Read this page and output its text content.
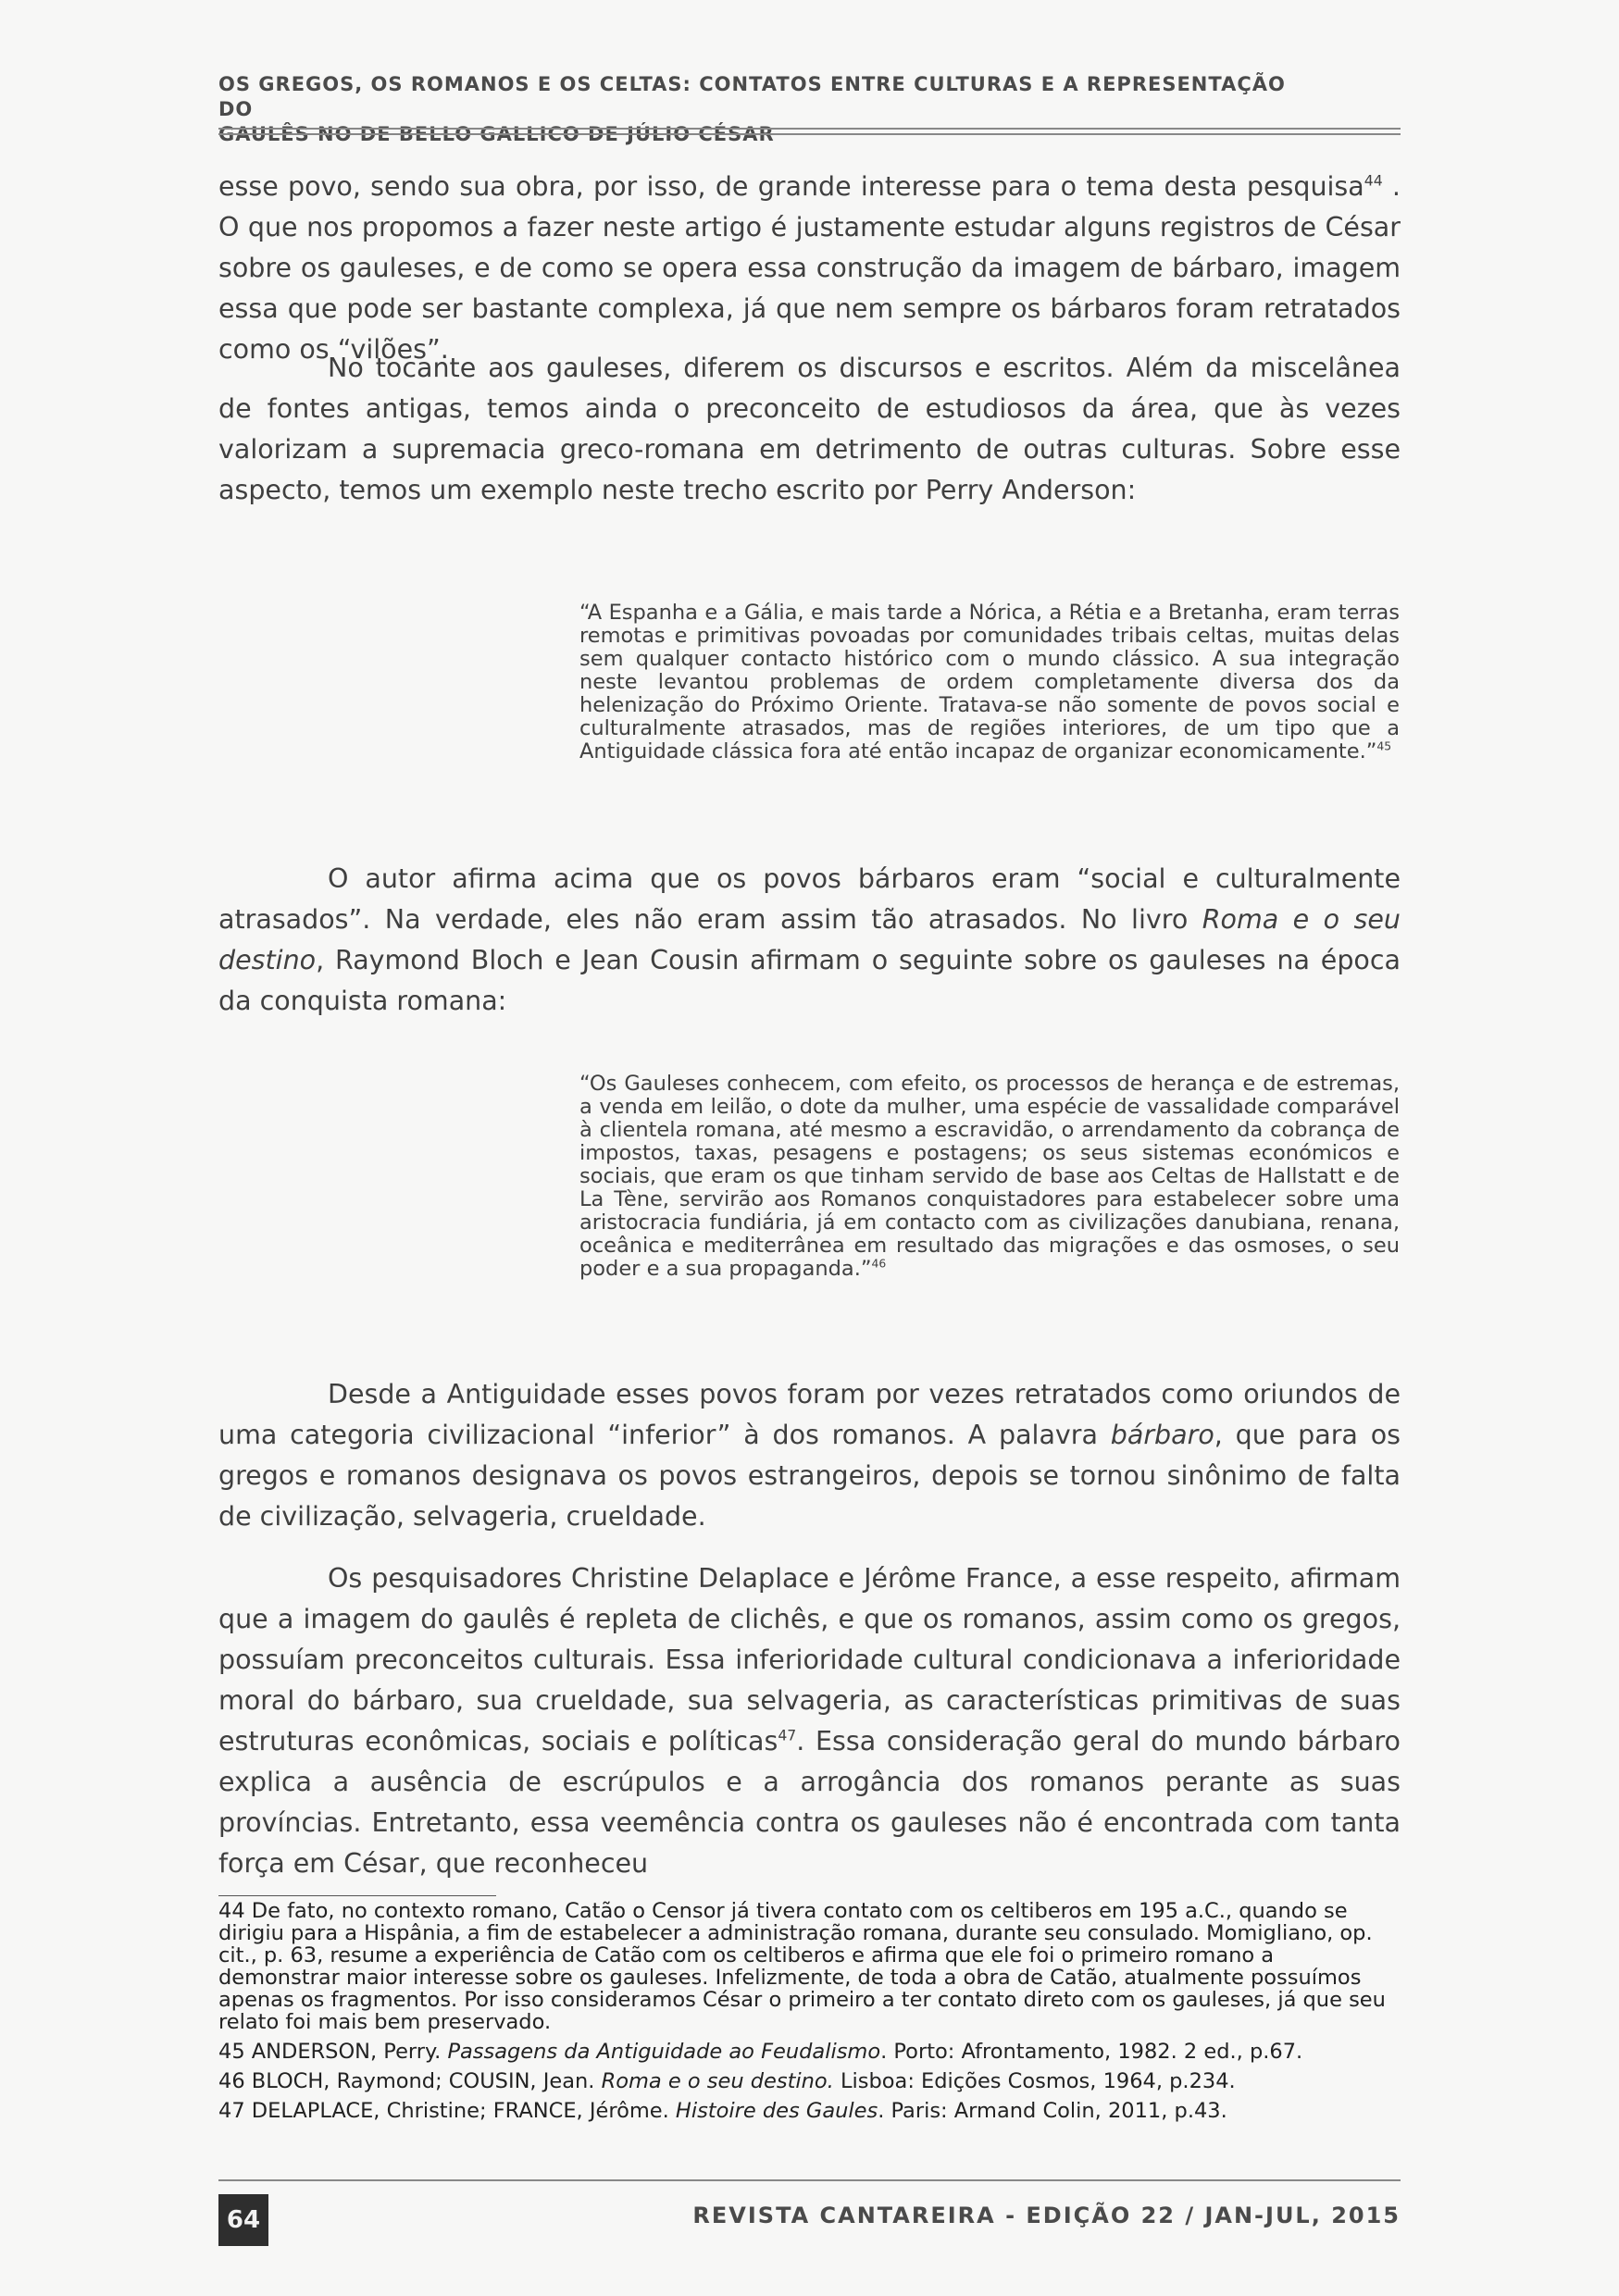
OS GREGOS, OS ROMANOS E OS CELTAS: CONTATOS ENTRE CULTURAS E A REPRESENTAÇÃO DO
GAULÊS NO DE BELLO GALLICO DE JÚLIO CÉSAR

esse povo, sendo sua obra, por isso, de grande interesse para o tema desta pesquisa$^{44}$ . O que nos propomos a fazer neste artigo é justamente estudar alguns registros de César sobre os gauleses, e de como se opera essa construção da imagem de bárbaro, imagem essa que pode ser bastante complexa, já que nem sempre os bárbaros foram retratados como os “vilões”.

No tocante aos gauleses, diferem os discursos e escritos. Além da miscelânea de fontes antigas, temos ainda o preconceito de estudiosos da área, que às vezes valorizam a supremacia greco-romana em detrimento de outras culturas. Sobre esse aspecto, temos um exemplo neste trecho escrito por Perry Anderson:

“A Espanha e a Gália, e mais tarde a Nórica, a Rétia e a Bretanha, eram terras remotas e primitivas povoadas por comunidades tribais celtas, muitas delas sem qualquer contacto histórico com o mundo clássico. A sua integração neste levantou problemas de ordem completamente diversa dos da helenização do Próximo Oriente. Tratava-se não somente de povos social e culturalmente atrasados, mas de regiões interiores, de um tipo que a Antiguidade clássica fora até então incapaz de organizar economicamente.”$^{45}$

O autor afirma acima que os povos bárbaros eram “social e culturalmente atrasados”. Na verdade, eles não eram assim tão atrasados. No livro Roma e o seu destino, Raymond Bloch e Jean Cousin afirmam o seguinte sobre os gauleses na época da conquista romana:

“Os Gauleses conhecem, com efeito, os processos de herança e de estremas, a venda em leilão, o dote da mulher, uma espécie de vassalidade comparável à clientela romana, até mesmo a escravidão, o arrendamento da cobrança de impostos, taxas, pesagens e postagens; os seus sistemas económicos e sociais, que eram os que tinham servido de base aos Celtas de Hallstatt e de La Tène, servirão aos Romanos conquistadores para estabelecer sobre uma aristocracia fundiária, já em contacto com as civilizações danubiana, renana, oceânica e mediterrânea em resultado das migrações e das osmoses, o seu poder e a sua propaganda.”$^{46}$

Desde a Antiguidade esses povos foram por vezes retratados como oriundos de uma categoria civilizacional “inferior” à dos romanos. A palavra bárbaro, que para os gregos e romanos designava os povos estrangeiros, depois se tornou sinônimo de falta de civilização, selvageria, crueldade.

Os pesquisadores Christine Delaplace e Jérôme France, a esse respeito, afirmam que a imagem do gaulês é repleta de clichês, e que os romanos, assim como os gregos, possuíam preconceitos culturais. Essa inferioridade cultural condicionava a inferioridade moral do bárbaro, sua crueldade, sua selvageria, as características primitivas de suas estruturas econômicas, sociais e políticas$^{47}$. Essa consideração geral do mundo bárbaro explica a ausência de escrúpulos e a arrogância dos romanos perante as suas províncias. Entretanto, essa veemência contra os gauleses não é encontrada com tanta força em César, que reconheceu

44 De fato, no contexto romano, Catão o Censor já tivera contato com os celtiberos em 195 a.C., quando se dirigiu para a Hispânia, a fim de estabelecer a administração romana, durante seu consulado. Momigliano, op. cit., p. 63, resume a experiência de Catão com os celtiberos e afirma que ele foi o primeiro romano a demonstrar maior interesse sobre os gauleses. Infelizmente, de toda a obra de Catão, atualmente possuímos apenas os fragmentos. Por isso consideramos César o primeiro a ter contato direto com os gauleses, já que seu relato foi mais bem preservado.

45 ANDERSON, Perry. Passagens da Antiguidade ao Feudalismo. Porto: Afrontamento, 1982. 2 ed., p.67.

46 BLOCH, Raymond; COUSIN, Jean. Roma e o seu destino. Lisboa: Edições Cosmos, 1964, p.234.

47 DELAPLACE, Christine; FRANCE, Jérôme. Histoire des Gaules. Paris: Armand Colin, 2011, p.43.

64	REVISTA CANTAREIRA - EDIÇÃO 22 / JAN-JUL, 2015
